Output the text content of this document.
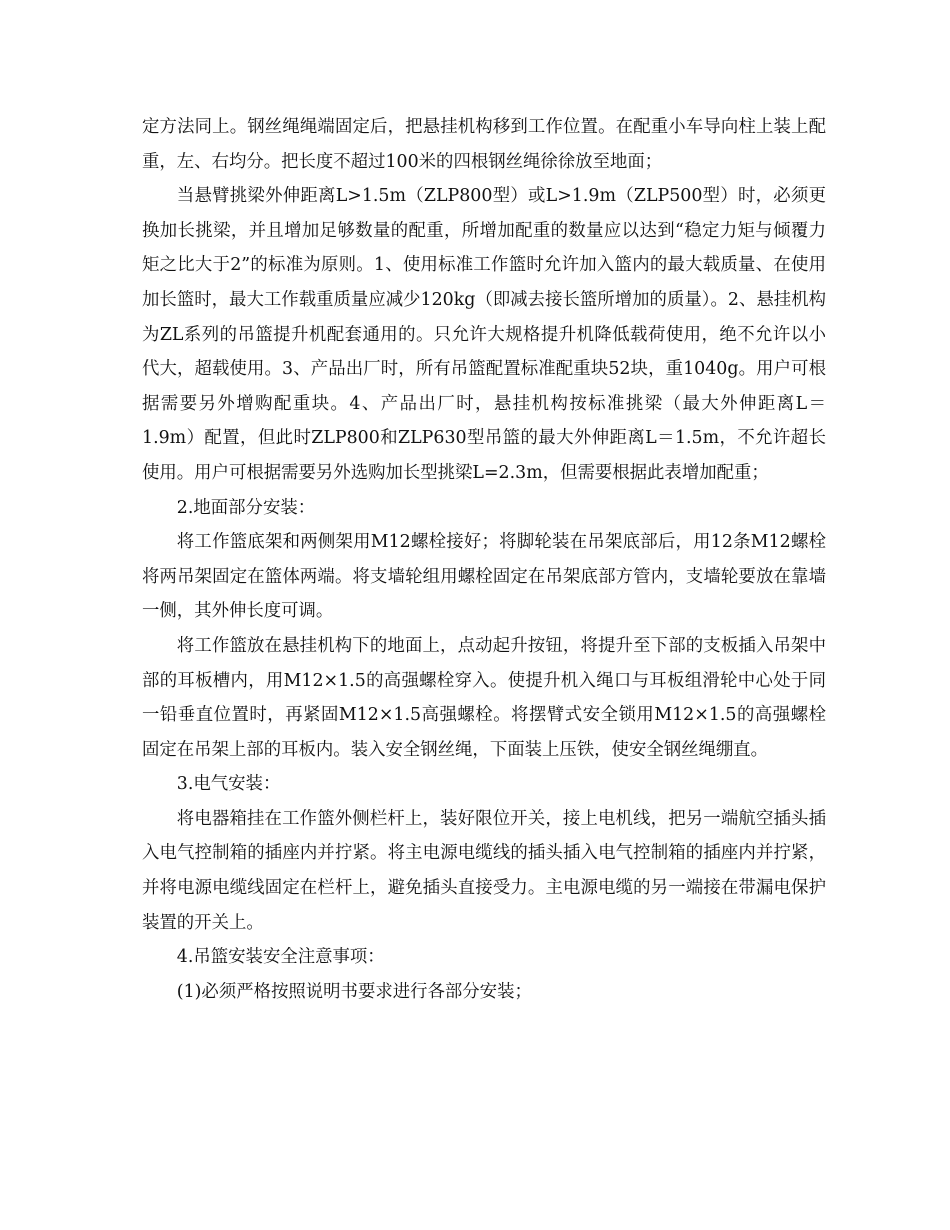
定方法同上。钢丝绳绳端固定后，把悬挂机构移到工作位置。在配重小车导向柱上装上配重，左、右均分。把长度不超过100米的四根钢丝绳徐徐放至地面；

当悬臂挑梁外伸距离L>1.5m（ZLP800型）或L>1.9m（ZLP500型）时，必须更换加长挑梁，并且增加足够数量的配重，所增加配重的数量应以达到“稳定力矩与倾覆力矩之比大于2”的标准为原则。1、使用标准工作篮时允许加入篮内的最大载质量、在使用加长篮时，最大工作载重质量应减少120kg（即减去接长篮所增加的质量）。2、悬挂机构为ZL系列的吊篮提升机配套通用的。只允许大规格提升机降低载荷使用，绝不允许以小代大，超载使用。3、产品出厂时，所有吊篮配置标准配重块52块，重1040g。用户可根据需要另外增购配重块。4、产品出厂时，悬挂机构按标准挑梁（最大外伸距离L＝1.9m）配置，但此时ZLP800和ZLP630型吊篮的最大外伸距离L＝1.5m，不允许超长使用。用户可根据需要另外选购加长型挑梁L=2.3m，但需要根据此表增加配重；

2.地面部分安装：

将工作篮底架和两侧架用M12螺栓接好；将脚轮装在吊架底部后，用12条M12螺栓将两吊架固定在篮体两端。将支墙轮组用螺栓固定在吊架底部方管内，支墙轮要放在靠墙一侧，其外伸长度可调。

将工作篮放在悬挂机构下的地面上，点动起升按钮，将提升至下部的支板插入吊架中部的耳板槽内，用M12×1.5的高强螺栓穿入。使提升机入绳口与耳板组滑轮中心处于同一铅垂直位置时，再紧固M12×1.5高强螺栓。将摆臂式安全锁用M12×1.5的高强螺栓固定在吊架上部的耳板内。装入安全钢丝绳，下面装上压铁，使安全钢丝绳绷直。

3.电气安装：

将电器箱挂在工作篮外侧栏杆上，装好限位开关，接上电机线，把另一端航空插头插入电气控制箱的插座内并拧紧。将主电源电缆线的插头插入电气控制箱的插座内并拧紧，并将电源电缆线固定在栏杆上，避免插头直接受力。主电源电缆的另一端接在带漏电保护装置的开关上。

4.吊篮安装安全注意事项：

(1)必须严格按照说明书要求进行各部分安装；
